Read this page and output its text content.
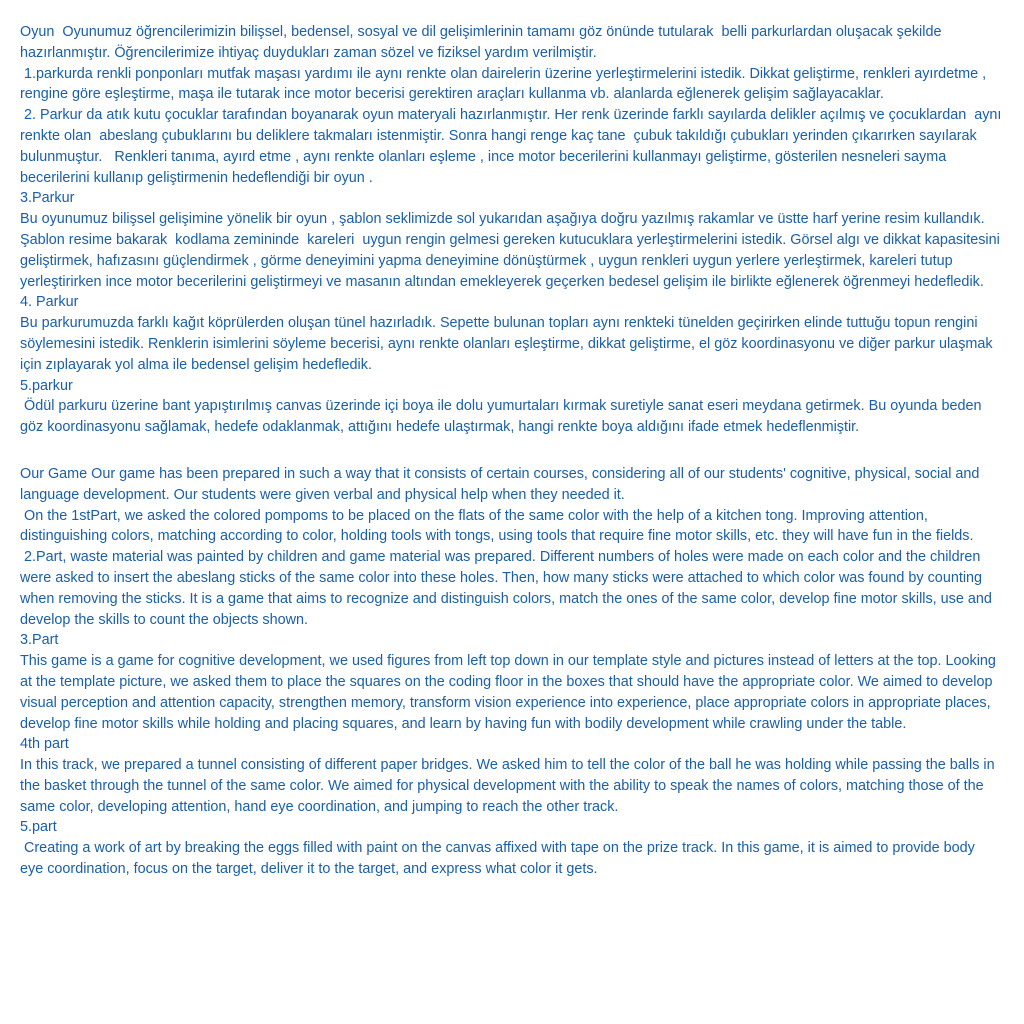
Oyun  Oyunumuz öğrencilerimizin bilişsel, bedensel, sosyal ve dil gelişimlerinin tamamı göz önünde tutularak  belli parkurlardan oluşacak şekilde hazırlanmıştır. Öğrencilerimize ihtiyaç duydukları zaman sözel ve fiziksel yardım verilmiştir.

1.parkurda renkli ponponları mutfak maşası yardımı ile aynı renkte olan dairelerin üzerine yerleştirmelerini istedik. Dikkat geliştirme, renkleri ayırdetme , rengine göre eşleştirme, maşa ile tutarak ince motor becerisi gerektiren araçları kullanma vb. alanlarda eğlenerek gelişim sağlayacaklar.

2. Parkur da atık kutu çocuklar tarafından boyanarak oyun materyali hazırlanmıştır. Her renk üzerinde farklı sayılarda delikler açılmış ve çocuklardan  aynı renkte olan  abeslang çubuklarını bu deliklere takmaları istenmiştir. Sonra hangi renge kaç tane  çubuk takıldığı çubukları yerinden çıkarırken sayılarak bulunmuştur.   Renkleri tanıma, ayırd etme , aynı renkte olanları eşleme , ince motor becerilerini kullanmayı geliştirme, gösterilen nesneleri sayma becerilerini kullanıp geliştirmenin hedeflendiği bir oyun .

3.Parkur

Bu oyunumuz bilişsel gelişimine yönelik bir oyun , şablon seklimizde sol yukarıdan aşağıya doğru yazılmış rakamlar ve üstte harf yerine resim kullandık. Şablon resime bakarak  kodlama zemininde  kareleri  uygun rengin gelmesi gereken kutucuklara yerleştirmelerini istedik. Görsel algı ve dikkat kapasitesini geliştirmek, hafızasını güçlendirmek , görme deneyimini yapma deneyimine dönüştürmek , uygun renkleri uygun yerlere yerleştirmek, kareleri tutup yerleştirirken ince motor becerilerini geliştirmeyi ve masanın altından emekleyerek geçerken bedesel gelişim ile birlikte eğlenerek öğrenmeyi hedefledik.

4. Parkur

Bu parkurumuzda farklı kağıt köprülerden oluşan tünel hazırladık. Sepette bulunan topları aynı renkteki tünelden geçirirken elinde tuttuğu topun rengini söylemesini istedik. Renklerin isimlerini söyleme becerisi, aynı renkte olanları eşleştirme, dikkat geliştirme, el göz koordinasyonu ve diğer parkur ulaşmak için zıplayarak yol alma ile bedensel gelişim hedefledik.

5.parkur

Ödül parkuru üzerine bant yapıştırılmış canvas üzerinde içi boya ile dolu yumurtaları kırmak suretiyle sanat eseri meydana getirmek. Bu oyunda beden göz koordinasyonu sağlamak, hedefe odaklanmak, attığını hedefe ulaştırmak, hangi renkte boya aldığını ifade etmek hedeflenmiştir.

Our Game Our game has been prepared in such a way that it consists of certain courses, considering all of our students' cognitive, physical, social and language development. Our students were given verbal and physical help when they needed it.

On the 1stPart, we asked the colored pompoms to be placed on the flats of the same color with the help of a kitchen tong. Improving attention, distinguishing colors, matching according to color, holding tools with tongs, using tools that require fine motor skills, etc. they will have fun in the fields.

2.Part, waste material was painted by children and game material was prepared. Different numbers of holes were made on each color and the children were asked to insert the abeslang sticks of the same color into these holes. Then, how many sticks were attached to which color was found by counting when removing the sticks. It is a game that aims to recognize and distinguish colors, match the ones of the same color, develop fine motor skills, use and develop the skills to count the objects shown.

3.Part

This game is a game for cognitive development, we used figures from left top down in our template style and pictures instead of letters at the top. Looking at the template picture, we asked them to place the squares on the coding floor in the boxes that should have the appropriate color. We aimed to develop visual perception and attention capacity, strengthen memory, transform vision experience into experience, place appropriate colors in appropriate places, develop fine motor skills while holding and placing squares, and learn by having fun with bodily development while crawling under the table.

4th part

In this track, we prepared a tunnel consisting of different paper bridges. We asked him to tell the color of the ball he was holding while passing the balls in the basket through the tunnel of the same color. We aimed for physical development with the ability to speak the names of colors, matching those of the same color, developing attention, hand eye coordination, and jumping to reach the other track.

5.part

Creating a work of art by breaking the eggs filled with paint on the canvas affixed with tape on the prize track. In this game, it is aimed to provide body eye coordination, focus on the target, deliver it to the target, and express what color it gets.
